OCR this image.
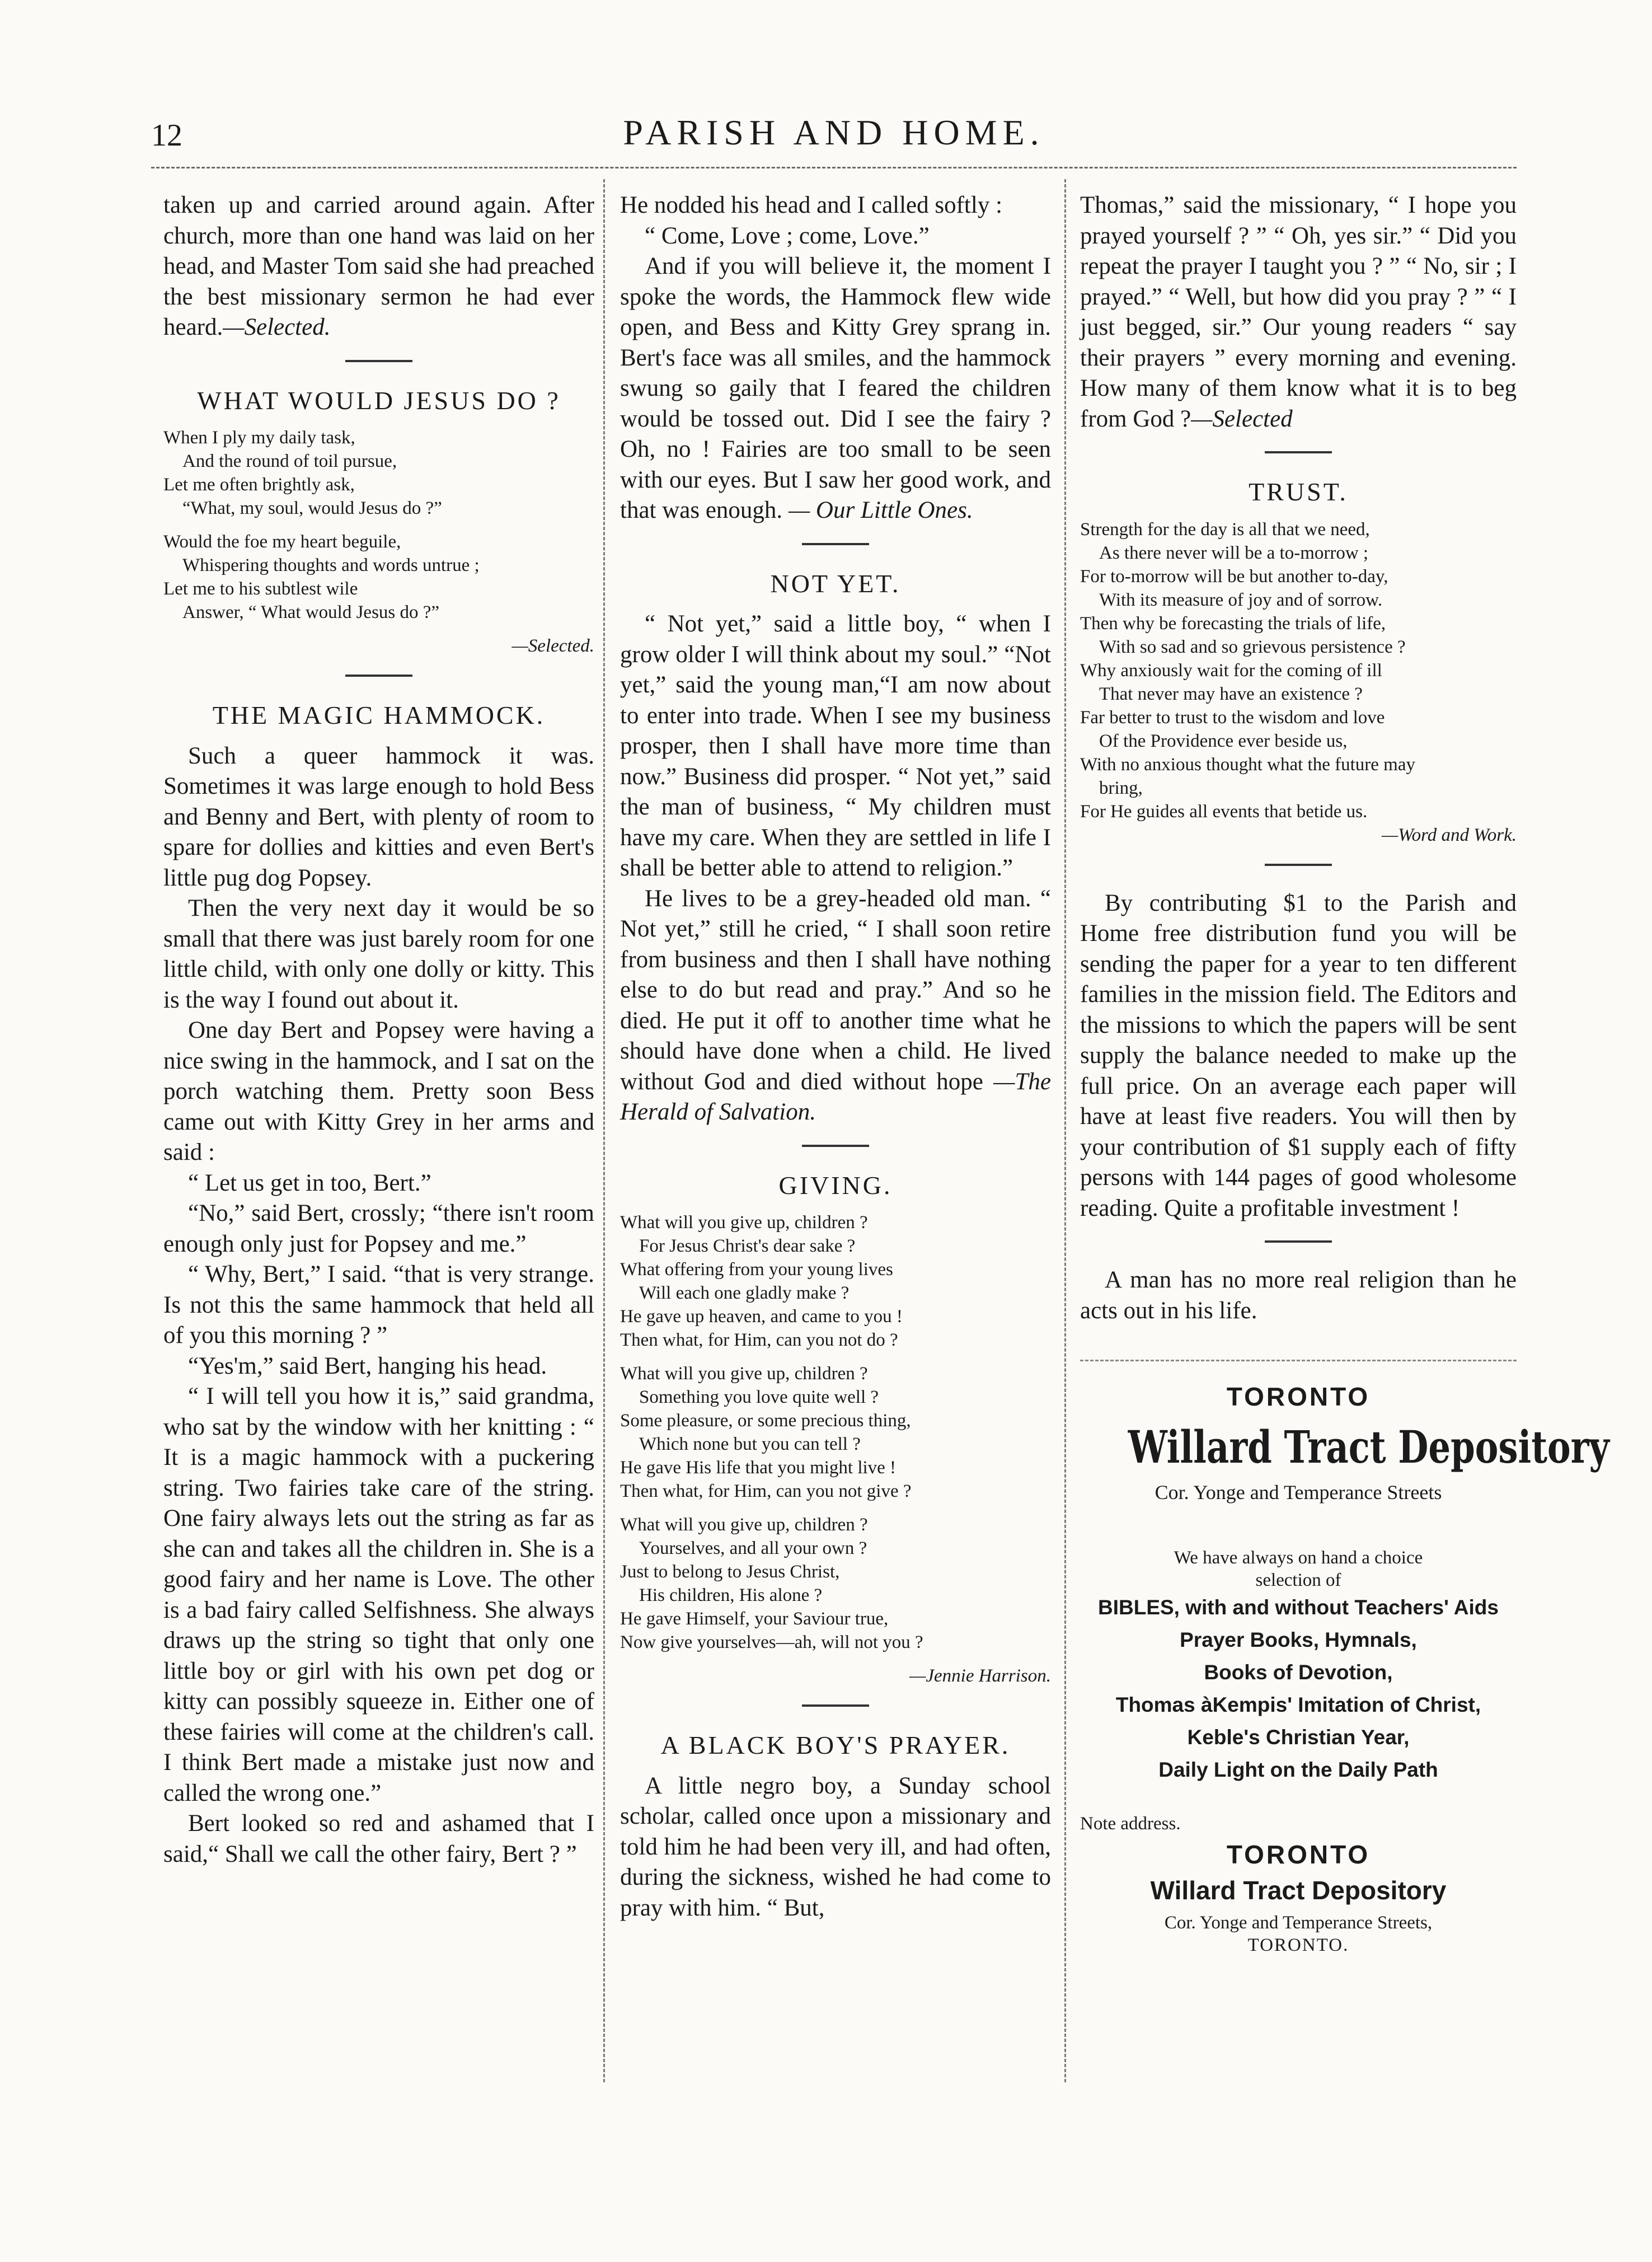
12	PARISH AND HOME.

taken up and carried around again. After church, more than one hand was laid on her head, and Master Tom said she had preached the best missionary sermon he had ever heard.—Selected.

WHAT WOULD JESUS DO ?
When I ply my daily task,
And the round of toil pursue,
Let me often brightly ask,
“What, my soul, would Jesus do ?”
Would the foe my heart beguile,
Whispering thoughts and words untrue ;
Let me to his subtlest wile
Answer, “ What would Jesus do ?”
—Selected.
THE MAGIC HAMMOCK.

Such a queer hammock it was. Sometimes it was large enough to hold Bess and Benny and Bert, with plenty of room to spare for dollies and kitties and even Bert's little pug dog Popsey.

Then the very next day it would be so small that there was just barely room for one little child, with only one dolly or kitty. This is the way I found out about it.

One day Bert and Popsey were having a nice swing in the hammock, and I sat on the porch watching them. Pretty soon Bess came out with Kitty Grey in her arms and said :

“ Let us get in too, Bert.”

“No,” said Bert, crossly; “there isn't room enough only just for Popsey and me.”

“ Why, Bert,” I said. “that is very strange. Is not this the same hammock that held all of you this morning ? ”

“Yes'm,” said Bert, hanging his head.

“ I will tell you how it is,” said grandma, who sat by the window with her knitting : “ It is a magic hammock with a puckering string. Two fairies take care of the string. One fairy always lets out the string as far as she can and takes all the children in. She is a good fairy and her name is Love. The other is a bad fairy called Selfishness. She always draws up the string so tight that only one little boy or girl with his own pet dog or kitty can possibly squeeze in. Either one of these fairies will come at the children's call. I think Bert made a mistake just now and called the wrong one.”

Bert looked so red and ashamed that I said,“ Shall we call the other fairy, Bert ? ”

He nodded his head and I called softly :

“ Come, Love ; come, Love.”

And if you will believe it, the moment I spoke the words, the Hammock flew wide open, and Bess and Kitty Grey sprang in. Bert's face was all smiles, and the hammock swung so gaily that I feared the children would be tossed out. Did I see the fairy ? Oh, no ! Fairies are too small to be seen with our eyes. But I saw her good work, and that was enough. — Our Little Ones.

NOT YET.

“ Not yet,” said a little boy, “ when I grow older I will think about my soul.” “Not yet,” said the young man,“I am now about to enter into trade. When I see my business prosper, then I shall have more time than now.” Business did prosper. “ Not yet,” said the man of business, “ My children must have my care. When they are settled in life I shall be better able to attend to religion.”

He lives to be a grey-headed old man. “ Not yet,” still he cried, “ I shall soon retire from business and then I shall have nothing else to do but read and pray.” And so he died. He put it off to another time what he should have done when a child. He lived without God and died without hope —The Herald of Salvation.

GIVING.
What will you give up, children ?
For Jesus Christ's dear sake ?
What offering from your young lives
Will each one gladly make ?
He gave up heaven, and came to you !
Then what, for Him, can you not do ?
What will you give up, children ?
Something you love quite well ?
Some pleasure, or some precious thing,
Which none but you can tell ?
He gave His life that you might live !
Then what, for Him, can you not give ?
What will you give up, children ?
Yourselves, and all your own ?
Just to belong to Jesus Christ,
His children, His alone ?
He gave Himself, your Saviour true,
Now give yourselves—ah, will not you ?
—Jennie Harrison.
A BLACK BOY'S PRAYER.

A little negro boy, a Sunday school scholar, called once upon a missionary and told him he had been very ill, and had often, during the sickness, wished he had come to pray with him. “ But,

Thomas,” said the missionary, “ I hope you prayed yourself ? ” “ Oh, yes sir.” “ Did you repeat the prayer I taught you ? ” “ No, sir ; I prayed.” “ Well, but how did you pray ? ” “ I just begged, sir.” Our young readers “ say their prayers ” every morning and evening. How many of them know what it is to beg from God ?—Selected

TRUST.
Strength for the day is all that we need,
As there never will be a to-morrow ;
For to-morrow will be but another to-day,
With its measure of joy and of sorrow.
Then why be forecasting the trials of life,
With so sad and so grievous persistence ?
Why anxiously wait for the coming of ill
That never may have an existence ?
Far better to trust to the wisdom and love
Of the Providence ever beside us,
With no anxious thought what the future may
bring,
For He guides all events that betide us.
—Word and Work.

By contributing $1 to the Parish and Home free distribution fund you will be sending the paper for a year to ten different families in the mission field. The Editors and the missions to which the papers will be sent supply the balance needed to make up the full price. On an average each paper will have at least five readers. You will then by your contribution of $1 supply each of fifty persons with 144 pages of good wholesome reading. Quite a profitable investment !

A man has no more real religion than he acts out in his life.

TORONTO
Willard Tract Depository
Cor. Yonge and Temperance Streets
We have always on hand a choice
selection of
BIBLES, with and without Teachers' Aids
Prayer Books, Hymnals,
Books of Devotion,
Thomas àKempis' Imitation of Christ,
Keble's Christian Year,
Daily Light on the Daily Path
Note address.
TORONTO
Willard Tract Depository
Cor. Yonge and Temperance Streets,
TORONTO.
